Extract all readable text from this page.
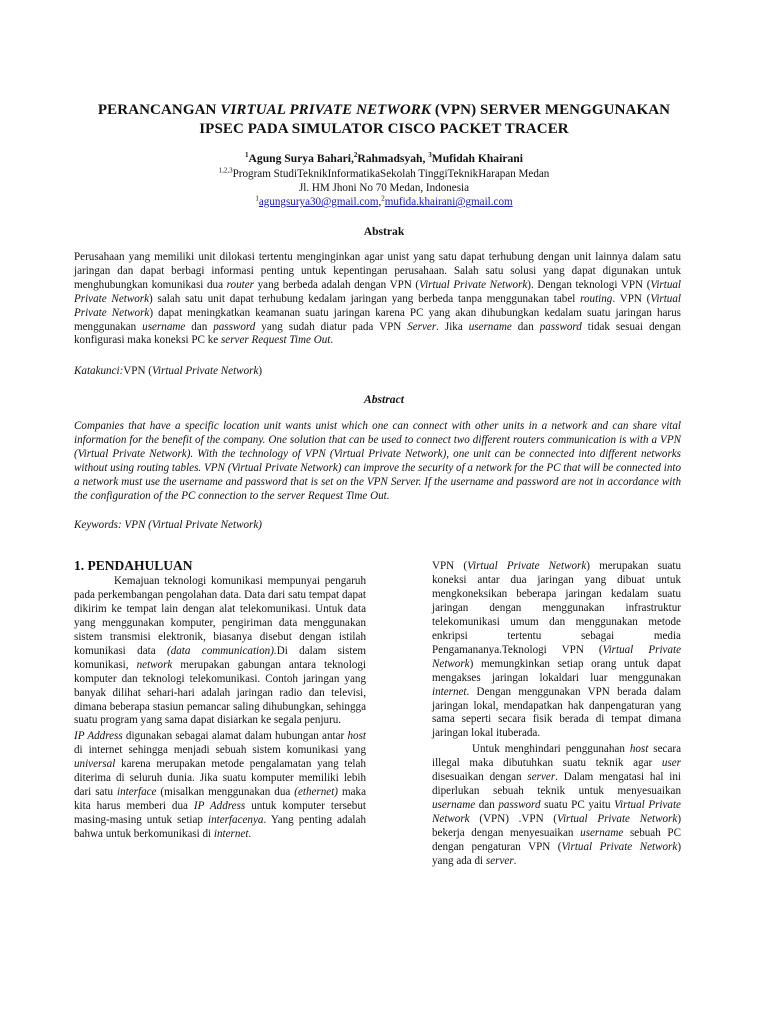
PERANCANGAN VIRTUAL PRIVATE NETWORK (VPN) SERVER MENGGUNAKAN
IPSEC PADA SIMULATOR CISCO PACKET TRACER
$^1$Agung Surya Bahari,$^2$Rahmadsyah, $^3$Mufidah Khairani
$^{1,2,3}$Program StudiTeknikInformatikaSekolah TinggiTeknikHarapan Medan
Jl. HM Jhoni No 70 Medan, Indonesia
$^1$agungsurya30@gmail.com,$^2$mufida.khairani@gmail.com
Abstrak
Perusahaan yang memiliki unit dilokasi tertentu menginginkan agar unist yang satu dapat terhubung dengan unit lainnya dalam satu jaringan dan dapat berbagi informasi penting untuk kepentingan perusahaan. Salah satu solusi yang dapat digunakan untuk menghubungkan komunikasi dua router yang berbeda adalah dengan VPN (Virtual Private Network). Dengan teknologi VPN (Virtual Private Network) salah satu unit dapat terhubung kedalam jaringan yang berbeda tanpa menggunakan tabel routing. VPN (Virtual Private Network) dapat meningkatkan keamanan suatu jaringan karena PC yang akan dihubungkan kedalam suatu jaringan harus menggunakan username dan password yang sudah diatur pada VPN Server. Jika username dan password tidak sesuai dengan konfigurasi maka koneksi PC ke server Request Time Out.
Katakunci:VPN (Virtual Private Network)
Abstract
Companies that have a specific location unit wants unist which one can connect with other units in a network and can share vital information for the benefit of the company. One solution that can be used to connect two different routers communication is with a VPN (Virtual Private Network). With the technology of VPN (Virtual Private Network), one unit can be connected into different networks without using routing tables. VPN (Virtual Private Network) can improve the security of a network for the PC that will be connected into a network must use the username and password that is set on the VPN Server. If the username and password are not in accordance with the configuration of the PC connection to the server Request Time Out.
Keywords: VPN (Virtual Private Network)
1. PENDAHULUAN

Kemajuan teknologi komunikasi mempunyai pengaruh pada perkembangan pengolahan data. Data dari satu tempat dapat dikirim ke tempat lain dengan alat telekomunikasi. Untuk data yang menggunakan komputer, pengiriman data menggunakan sistem transmisi elektronik, biasanya disebut dengan istilah komunikasi data (data communication).Di dalam sistem komunikasi, network merupakan gabungan antara teknologi komputer dan teknologi telekomunikasi. Contoh jaringan yang banyak dilihat sehari-hari adalah jaringan radio dan televisi, dimana beberapa stasiun pemancar saling dihubungkan, sehingga suatu program yang sama dapat disiarkan ke segala penjuru.

IP Address digunakan sebagai alamat dalam hubungan antar host di internet sehingga menjadi sebuah sistem komunikasi yang universal karena merupakan metode pengalamatan yang telah diterima di seluruh dunia. Jika suatu komputer memiliki lebih dari satu interface (misalkan menggunakan dua (ethernet) maka kita harus memberi dua IP Address untuk komputer tersebut masing-masing untuk setiap interfacenya. Yang penting adalah bahwa untuk berkomunikasi di internet.

VPN (Virtual Private Network) merupakan suatu koneksi antar dua jaringan yang dibuat untuk mengkoneksikan beberapa jaringan kedalam suatu jaringan dengan menggunakan infrastruktur telekomunikasi umum dan menggunakan metode enkripsi tertentu sebagai media Pengamananya.Teknologi VPN (Virtual Private Network) memungkinkan setiap orang untuk dapat mengakses jaringan lokaldari luar menggunakan internet. Dengan menggunakan VPN berada dalam jaringan lokal, mendapatkan hak danpengaturan yang sama seperti secara fisik berada di tempat dimana jaringan lokal ituberada.

Untuk menghindari penggunahan host secara illegal maka dibutuhkan suatu teknik agar user disesuaikan dengan server. Dalam mengatasi hal ini diperlukan sebuah teknik untuk menyesuaikan username dan password suatu PC yaitu Virtual Private Network (VPN) .VPN (Virtual Private Network) bekerja dengan menyesuaikan username sebuah PC dengan pengaturan VPN (Virtual Private Network) yang ada di server.
